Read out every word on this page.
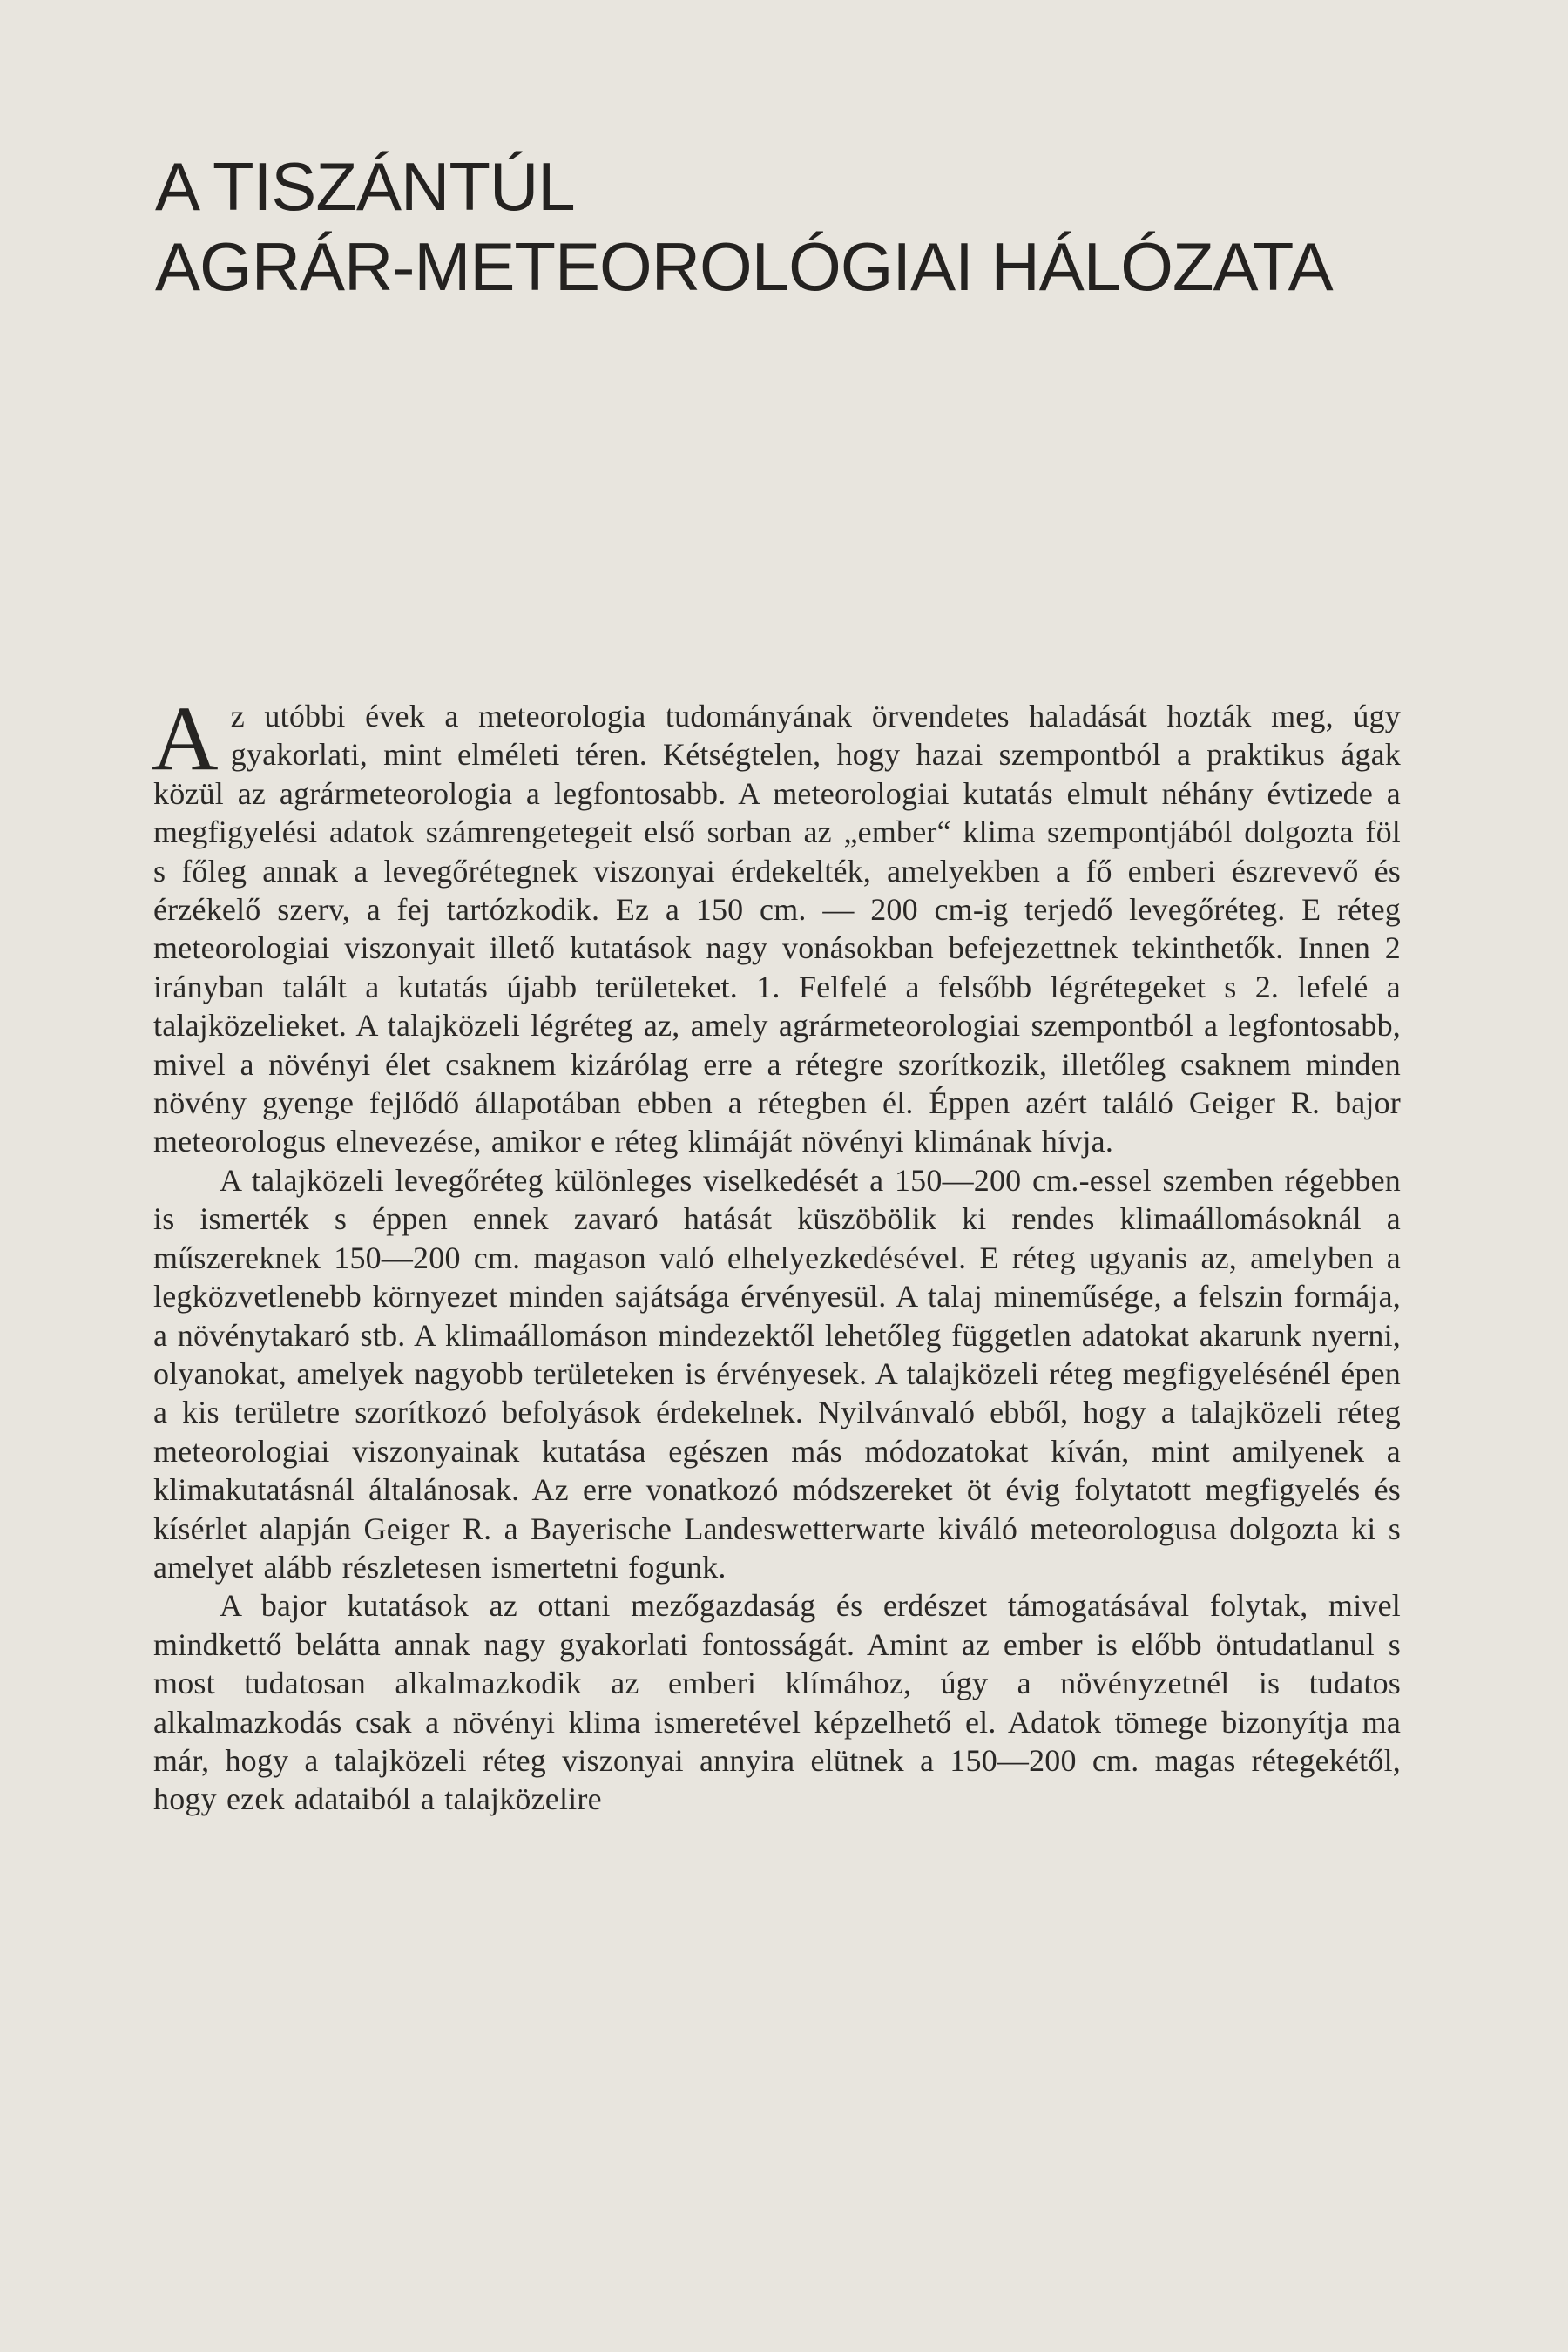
A TISZÁNTÚL
AGRÁR-METEOROLÓGIAI HÁLÓZATA

Az utóbbi évek a meteorologia tudományának örvendetes haladását hozták meg, úgy gyakorlati, mint elméleti téren. Kétségtelen, hogy hazai szempontból a praktikus ágak közül az agrármeteorologia a legfontosabb. A meteorologiai kutatás elmult néhány évtizede a megfigyelési adatok számrengetegeit első sorban az „ember“ klima szempontjából dolgozta föl s főleg annak a levegőrétegnek viszonyai érdekelték, amelyekben a fő emberi észrevevő és érzékelő szerv, a fej tartózkodik. Ez a 150 cm. — 200 cm-ig terjedő levegőréteg. E réteg meteorologiai viszonyait illető kutatások nagy vonásokban befejezettnek tekinthetők. Innen 2 irányban talált a kutatás újabb területeket. 1. Felfelé a felsőbb légrétegeket s 2. lefelé a talajközelieket. A talajközeli légréteg az, amely agrármeteorologiai szempontból a legfontosabb, mivel a növényi élet csaknem kizárólag erre a rétegre szorítkozik, illetőleg csaknem minden növény gyenge fejlődő állapotában ebben a rétegben él. Éppen azért találó Geiger R. bajor meteorologus elnevezése, amikor e réteg klimáját növényi klimának hívja.

A talajközeli levegőréteg különleges viselkedését a 150—200 cm.-essel szemben régebben is ismerték s éppen ennek zavaró hatását küszöbölik ki rendes klimaállomásoknál a műszereknek 150—200 cm. magason való elhelyezkedésével. E réteg ugyanis az, amelyben a legközvetlenebb környezet minden sajátsága érvényesül. A talaj mineműsége, a felszin formája, a növénytakaró stb. A klimaállomáson mindezektől lehetőleg független adatokat akarunk nyerni, olyanokat, amelyek nagyobb területeken is érvényesek. A talajközeli réteg megfigyelésénél épen a kis területre szorítkozó befolyások érdekelnek. Nyilvánvaló ebből, hogy a talajközeli réteg meteorologiai viszonyainak kutatása egészen más módozatokat kíván, mint amilyenek a klimakutatásnál általánosak. Az erre vonatkozó módszereket öt évig folytatott megfigyelés és kísérlet alapján Geiger R. a Bayerische Landeswetterwarte kiváló meteorologusa dolgozta ki s amelyet alább részletesen ismertetni fogunk.

A bajor kutatások az ottani mezőgazdaság és erdészet támogatásával folytak, mivel mindkettő belátta annak nagy gyakorlati fontosságát. Amint az ember is előbb öntudatlanul s most tudatosan alkalmazkodik az emberi klímához, úgy a növényzetnél is tudatos alkalmazkodás csak a növényi klima ismeretével képzelhető el. Adatok tömege bizonyítja ma már, hogy a talajközeli réteg viszonyai annyira elütnek a 150—200 cm. magas rétegekétől, hogy ezek adataiból a talajközelire
